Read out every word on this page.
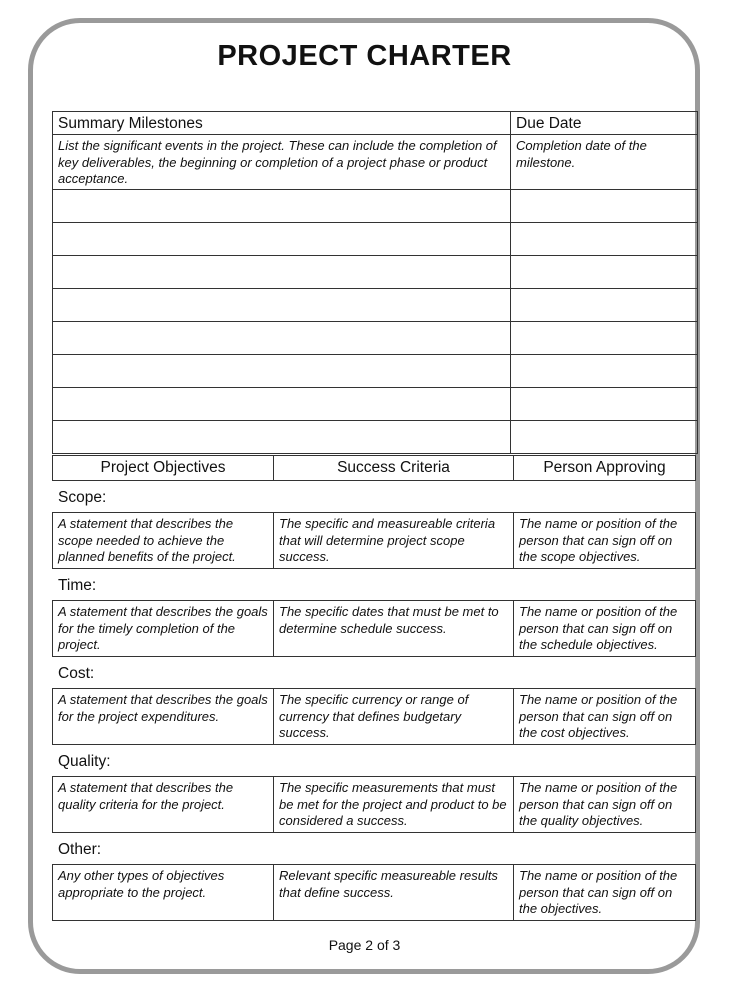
PROJECT CHARTER
Summary Milestones	Due Date
List the significant events in the project. These can include the completion of key deliverables, the beginning or completion of a project phase or product acceptance.	Completion date of the milestone.

Project Objectives	Success Criteria	Person Approving
Scope:
A statement that describes the scope needed to achieve the planned benefits of the project.	The specific and measureable criteria that will determine project scope success.	The name or position of the person that can sign off on the scope objectives.
Time:
A statement that describes the goals for the timely completion of the project.	The specific dates that must be met to determine schedule success.	The name or position of the person that can sign off on the schedule objectives.
Cost:
A statement that describes the goals for the project expenditures.	The specific currency or range of currency that defines budgetary success.	The name or position of the person that can sign off on the cost objectives.
Quality:
A statement that describes the quality criteria for the project.	The specific measurements that must be met for the project and product to be considered a success.	The name or position of the person that can sign off on the quality objectives.
Other:
Any other types of objectives appropriate to the project.	Relevant specific measureable results that define success.	The name or position of the person that can sign off on the objectives.
Page 2 of 3
